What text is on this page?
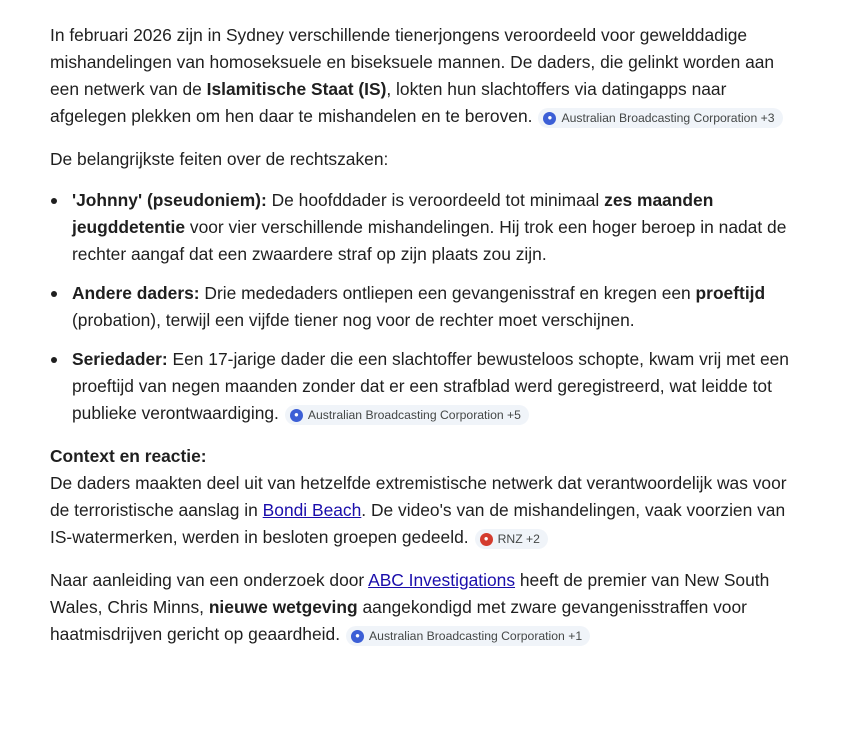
In februari 2026 zijn in Sydney verschillende tienerjongens veroordeeld voor gewelddadige mishandelingen van homoseksuele en biseksuele mannen. De daders, die gelinkt worden aan een netwerk van de Islamitische Staat (IS), lokten hun slachtoffers via datingapps naar afgelegen plekken om hen daar te mishandelen en te beroven.	● Australian Broadcasting Corporation +3

De belangrijkste feiten over de rechtszaken:

'Johnny' (pseudoniem): De hoofddader is veroordeeld tot minimaal zes maanden jeugddetentie voor vier verschillende mishandelingen. Hij trok een hoger beroep in nadat de rechter aangaf dat een zwaardere straf op zijn plaats zou zijn.
Andere daders: Drie mededaders ontliepen een gevangenisstraf en kregen een proeftijd (probation), terwijl een vijfde tiener nog voor de rechter moet verschijnen.
Seriedader: Een 17-jarige dader die een slachtoffer bewusteloos schopte, kwam vrij met een proeftijd van negen maanden zonder dat er een strafblad werd geregistreerd, wat leidde tot publieke verontwaardiging.	● Australian Broadcasting Corporation +5

Context en reactie:

De daders maakten deel uit van hetzelfde extremistische netwerk dat verantwoordelijk was voor de terroristische aanslag in Bondi Beach. De video's van de mishandelingen, vaak voorzien van IS-watermerken, werden in besloten groepen gedeeld.	● RNZ +2

Naar aanleiding van een onderzoek door ABC Investigations heeft de premier van New South Wales, Chris Minns, nieuwe wetgeving aangekondigd met zware gevangenisstraffen voor haatmisdrijven gericht op geaardheid.	● Australian Broadcasting Corporation +1
